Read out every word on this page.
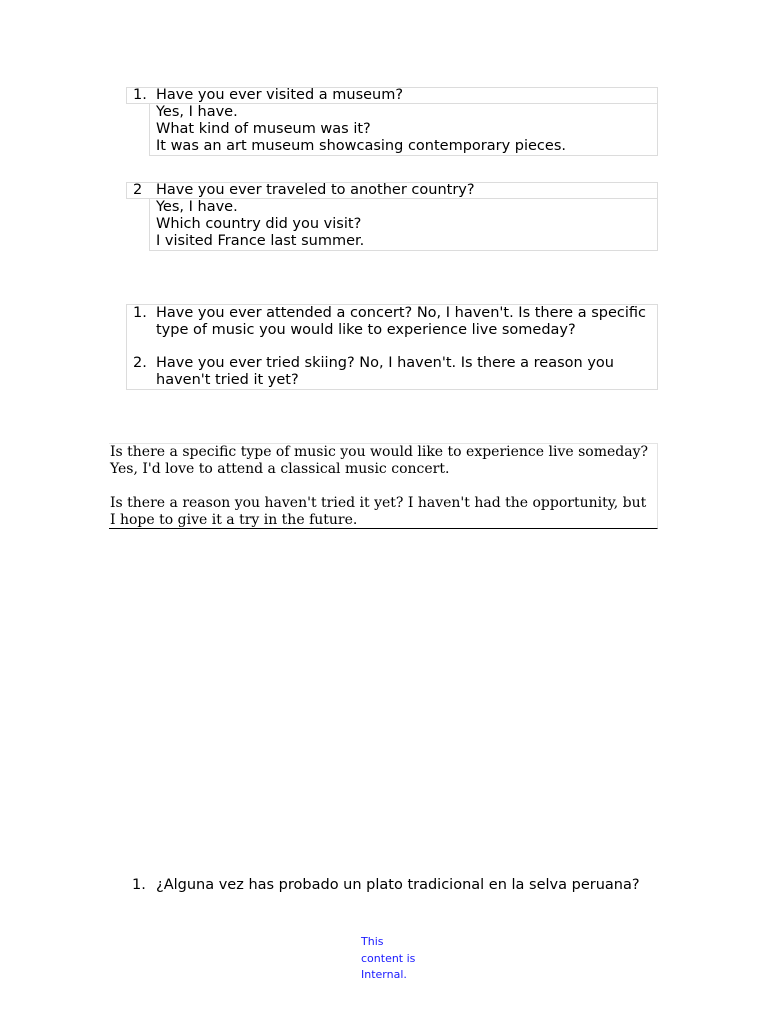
1. Have you ever visited a museum?
Yes, I have.
What kind of museum was it?
It was an art museum showcasing contemporary pieces.
2 Have you ever traveled to another country?
Yes, I have.
Which country did you visit?
I visited France last summer.
1. Have you ever attended a concert? No, I haven't. Is there a specific type of music you would like to experience live someday?
2. Have you ever tried skiing? No, I haven't. Is there a reason you haven't tried it yet?

Is there a specific type of music you would like to experience live someday? Yes, I'd love to attend a classical music concert.

Is there a reason you haven't tried it yet? I haven't had the opportunity, but I hope to give it a try in the future.

1. ¿Alguna vez has probado un plato tradicional en la selva peruana?
This content is Internal.
